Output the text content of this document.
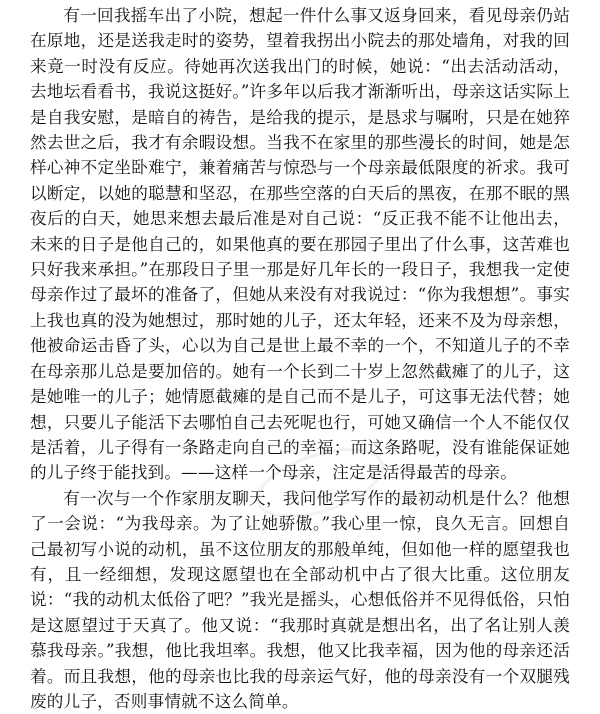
有一回我摇车出了小院，想起一件什么事又返身回来，看见母亲仍站在原地，还是送我走时的姿势，望着我拐出小院去的那处墙角，对我的回来竟一时没有反应。待她再次送我出门的时候，她说：“出去活动活动，去地坛看看书，我说这挺好。”许多年以后我才渐渐听出，母亲这话实际上是自我安慰，是暗自的祷告，是给我的提示，是恳求与嘱咐，只是在她猝然去世之后，我才有余暇设想。当我不在家里的那些漫长的时间，她是怎样心神不定坐卧难宁，兼着痛苦与惊恐与一个母亲最低限度的祈求。我可以断定，以她的聪慧和坚忍，在那些空落的白天后的黑夜，在那不眠的黑夜后的白天，她思来想去最后准是对自己说：“反正我不能不让他出去，未来的日子是他自己的，如果他真的要在那园子里出了什么事，这苦难也只好我来承担。”在那段日子里一那是好几年长的一段日子，我想我一定使母亲作过了最坏的准备了，但她从来没有对我说过：“你为我想想”。事实上我也真的没为她想过，那时她的儿子，还太年轻，还来不及为母亲想，他被命运击昏了头，心以为自己是世上最不幸的一个，不知道儿子的不幸在母亲那儿总是要加倍的。她有一个长到二十岁上忽然截瘫了的儿子，这是她唯一的儿子；她情愿截瘫的是自己而不是儿子，可这事无法代替；她想，只要儿子能活下去哪怕自己去死呢也行，可她又确信一个人不能仅仅是活着，儿子得有一条路走向自己的幸福；而这条路呢，没有谁能保证她的儿子终于能找到。——这样一个母亲，注定是活得最苦的母亲。

有一次与一个作家朋友聊天，我问他学写作的最初动机是什么？他想了一会说：“为我母亲。为了让她骄傲。”我心里一惊，良久无言。回想自己最初写小说的动机，虽不这位朋友的那般单纯，但如他一样的愿望我也有，且一经细想，发现这愿望也在全部动机中占了很大比重。这位朋友说：“我的动机太低俗了吧？”我光是摇头，心想低俗并不见得低俗，只怕是这愿望过于天真了。他又说：“我那时真就是想出名，出了名让别人羡慕我母亲。”我想，他比我坦率。我想，他又比我幸福，因为他的母亲还活着。而且我想，他的母亲也比我的母亲运气好，他的母亲没有一个双腿残废的儿子，否则事情就不这么简单。
